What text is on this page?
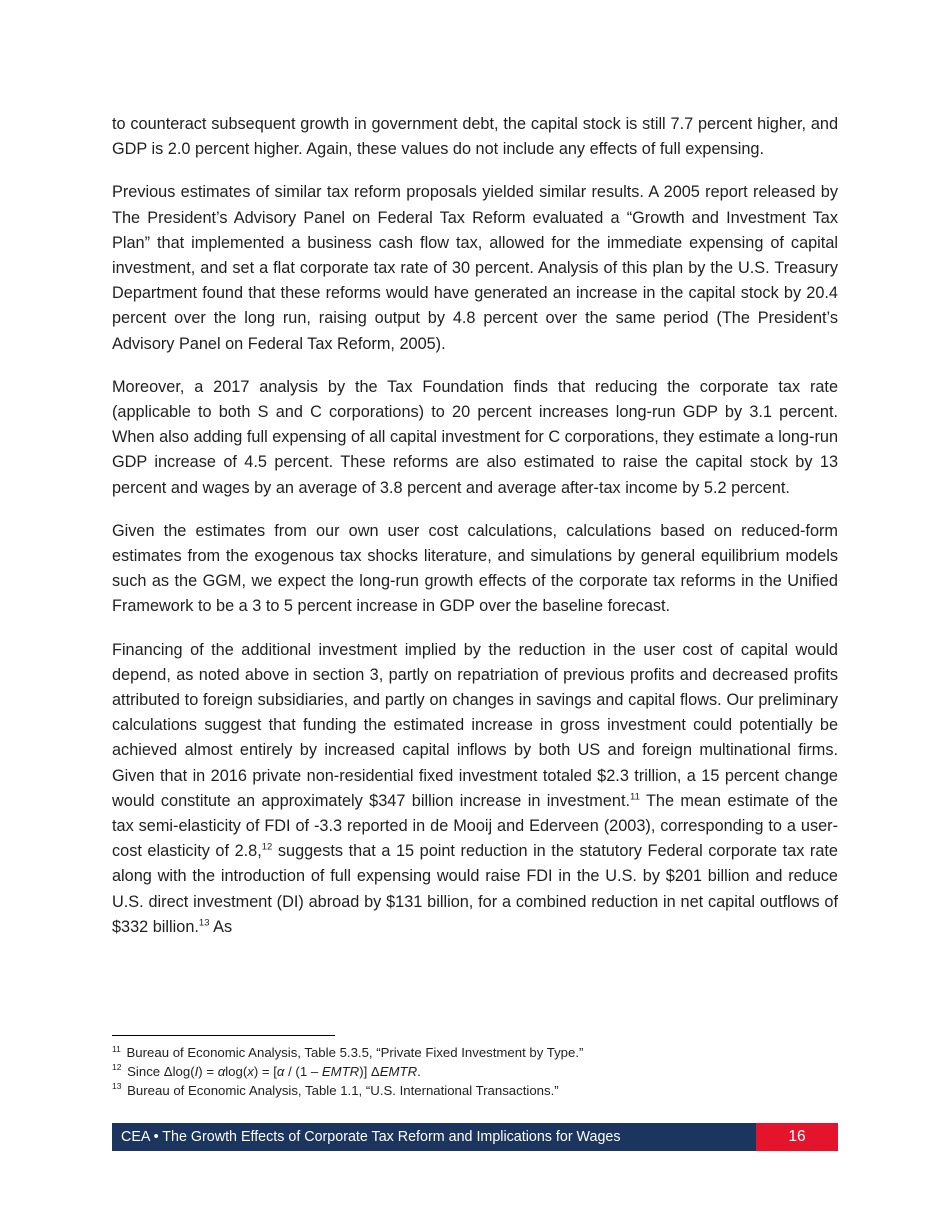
to counteract subsequent growth in government debt, the capital stock is still 7.7 percent higher, and GDP is 2.0 percent higher. Again, these values do not include any effects of full expensing.

Previous estimates of similar tax reform proposals yielded similar results. A 2005 report released by The President’s Advisory Panel on Federal Tax Reform evaluated a “Growth and Investment Tax Plan” that implemented a business cash flow tax, allowed for the immediate expensing of capital investment, and set a flat corporate tax rate of 30 percent. Analysis of this plan by the U.S. Treasury Department found that these reforms would have generated an increase in the capital stock by 20.4 percent over the long run, raising output by 4.8 percent over the same period (The President’s Advisory Panel on Federal Tax Reform, 2005).

Moreover, a 2017 analysis by the Tax Foundation finds that reducing the corporate tax rate (applicable to both S and C corporations) to 20 percent increases long-run GDP by 3.1 percent. When also adding full expensing of all capital investment for C corporations, they estimate a long-run GDP increase of 4.5 percent. These reforms are also estimated to raise the capital stock by 13 percent and wages by an average of 3.8 percent and average after-tax income by 5.2 percent.

Given the estimates from our own user cost calculations, calculations based on reduced-form estimates from the exogenous tax shocks literature, and simulations by general equilibrium models such as the GGM, we expect the long-run growth effects of the corporate tax reforms in the Unified Framework to be a 3 to 5 percent increase in GDP over the baseline forecast.

Financing of the additional investment implied by the reduction in the user cost of capital would depend, as noted above in section 3, partly on repatriation of previous profits and decreased profits attributed to foreign subsidiaries, and partly on changes in savings and capital flows. Our preliminary calculations suggest that funding the estimated increase in gross investment could potentially be achieved almost entirely by increased capital inflows by both US and foreign multinational firms. Given that in 2016 private non-residential fixed investment totaled $2.3 trillion, a 15 percent change would constitute an approximately $347 billion increase in investment.$^{11}$ The mean estimate of the tax semi-elasticity of FDI of -3.3 reported in de Mooij and Ederveen (2003), corresponding to a user-cost elasticity of 2.8,12 suggests that a 15 point reduction in the statutory Federal corporate tax rate along with the introduction of full expensing would raise FDI in the U.S. by $201 billion and reduce U.S. direct investment (DI) abroad by $131 billion, for a combined reduction in net capital outflows of $332 billion.$^{13}$ As

$^{11}$ Bureau of Economic Analysis, Table 5.3.5, “Private Fixed Investment by Type.”

$^{12}$ Since Δlog(I) = αlog(x) = [α / (1 – EMTR)] ΔEMTR.

$^{13}$ Bureau of Economic Analysis, Table 1.1, “U.S. International Transactions.”

CEA • The Growth Effects of Corporate Tax Reform and Implications for Wages	16
